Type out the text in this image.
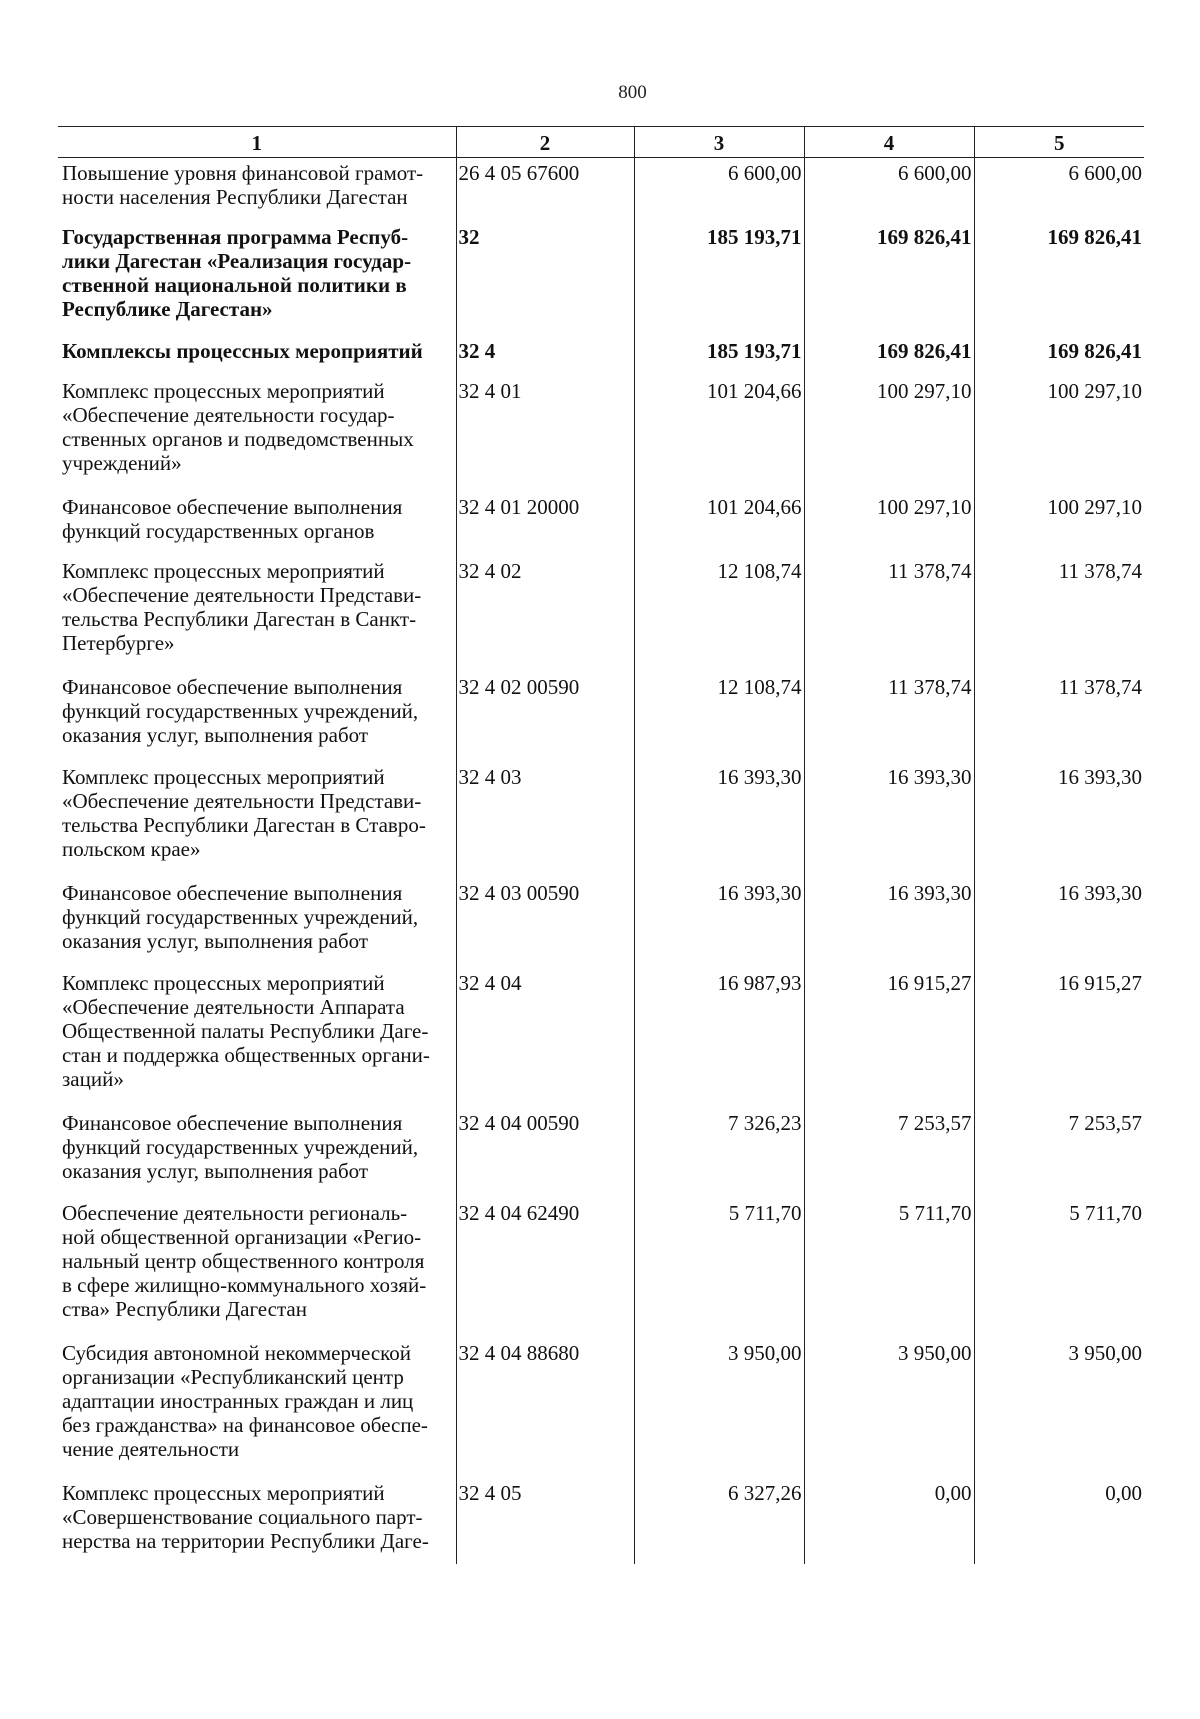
800
1	2	3	4	5
Повышение уровня финансовой грамот-
ности населения Республики Дагестан	26 4 05 67600	6 600,00	6 600,00	6 600,00
Государственная программа Респуб-
лики Дагестан «Реализация государ-
ственной национальной политики в
Республике Дагестан»	32	185 193,71	169 826,41	169 826,41
Комплексы процессных мероприятий	32 4	185 193,71	169 826,41	169 826,41
Комплекс процессных мероприятий
«Обеспечение деятельности государ-
ственных органов и подведомственных
учреждений»	32 4 01	101 204,66	100 297,10	100 297,10
Финансовое обеспечение выполнения
функций государственных органов	32 4 01 20000	101 204,66	100 297,10	100 297,10
Комплекс процессных мероприятий
«Обеспечение деятельности Представи-
тельства Республики Дагестан в Санкт-
Петербурге»	32 4 02	12 108,74	11 378,74	11 378,74
Финансовое обеспечение выполнения
функций государственных учреждений,
оказания услуг, выполнения работ	32 4 02 00590	12 108,74	11 378,74	11 378,74
Комплекс процессных мероприятий
«Обеспечение деятельности Представи-
тельства Республики Дагестан в Ставро-
польском крае»	32 4 03	16 393,30	16 393,30	16 393,30
Финансовое обеспечение выполнения
функций государственных учреждений,
оказания услуг, выполнения работ	32 4 03 00590	16 393,30	16 393,30	16 393,30
Комплекс процессных мероприятий
«Обеспечение деятельности Аппарата
Общественной палаты Республики Даге-
стан и поддержка общественных органи-
заций»	32 4 04	16 987,93	16 915,27	16 915,27
Финансовое обеспечение выполнения
функций государственных учреждений,
оказания услуг, выполнения работ	32 4 04 00590	7 326,23	7 253,57	7 253,57
Обеспечение деятельности региональ-
ной общественной организации «Регио-
нальный центр общественного контроля
в сфере жилищно-коммунального хозяй-
ства» Республики Дагестан	32 4 04 62490	5 711,70	5 711,70	5 711,70
Субсидия автономной некоммерческой
организации «Республиканский центр
адаптации иностранных граждан и лиц
без гражданства» на финансовое обеспе-
чение деятельности	32 4 04 88680	3 950,00	3 950,00	3 950,00
Комплекс процессных мероприятий
«Совершенствование социального парт-
нерства на территории Республики Даге-	32 4 05	6 327,26	0,00	0,00
